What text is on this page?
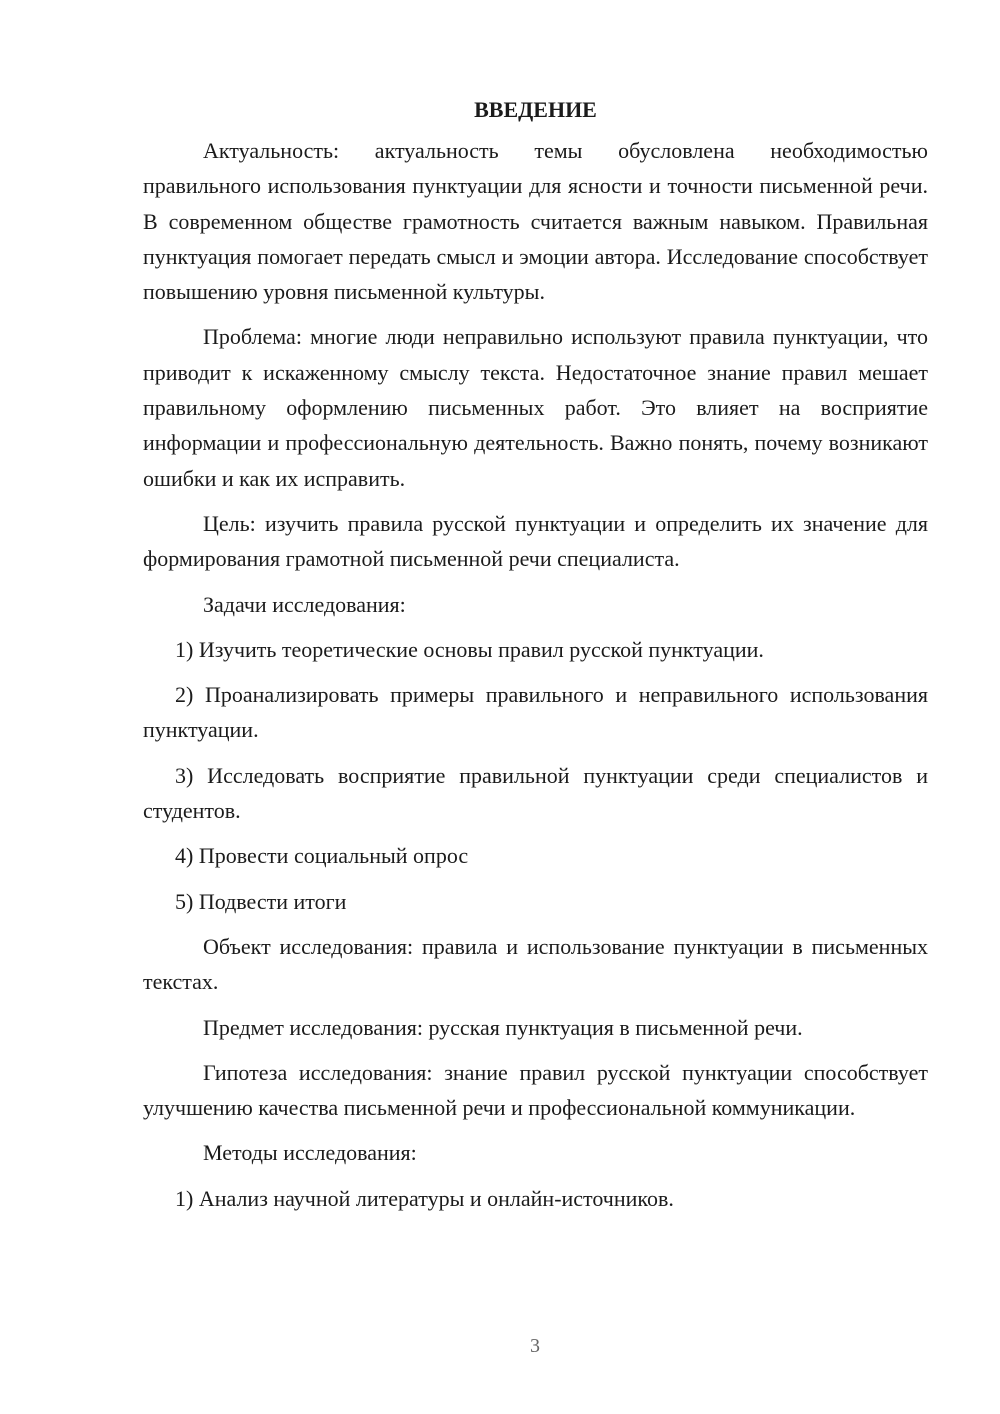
ВВЕДЕНИЕ

Актуальность: актуальность темы обусловлена необходимостью правильного использования пунктуации для ясности и точности письменной речи. В современном обществе грамотность считается важным навыком. Правильная пунктуация помогает передать смысл и эмоции автора. Исследование способствует повышению уровня письменной культуры.

Проблема: многие люди неправильно используют правила пунктуации, что приводит к искаженному смыслу текста. Недостаточное знание правил мешает правильному оформлению письменных работ. Это влияет на восприятие информации и профессиональную деятельность. Важно понять, почему возникают ошибки и как их исправить.

Цель: изучить правила русской пунктуации и определить их значение для формирования грамотной письменной речи специалиста.

Задачи исследования:

1) Изучить теоретические основы правил русской пунктуации.

2) Проанализировать примеры правильного и неправильного использования пунктуации.

3) Исследовать восприятие правильной пунктуации среди специалистов и студентов.

4) Провести социальный опрос

5) Подвести итоги

Объект исследования: правила и использование пунктуации в письменных текстах.

Предмет исследования: русская пунктуация в письменной речи.

Гипотеза исследования: знание правил русской пунктуации способствует улучшению качества письменной речи и профессиональной коммуникации.

Методы исследования:

1) Анализ научной литературы и онлайн-источников.

3
